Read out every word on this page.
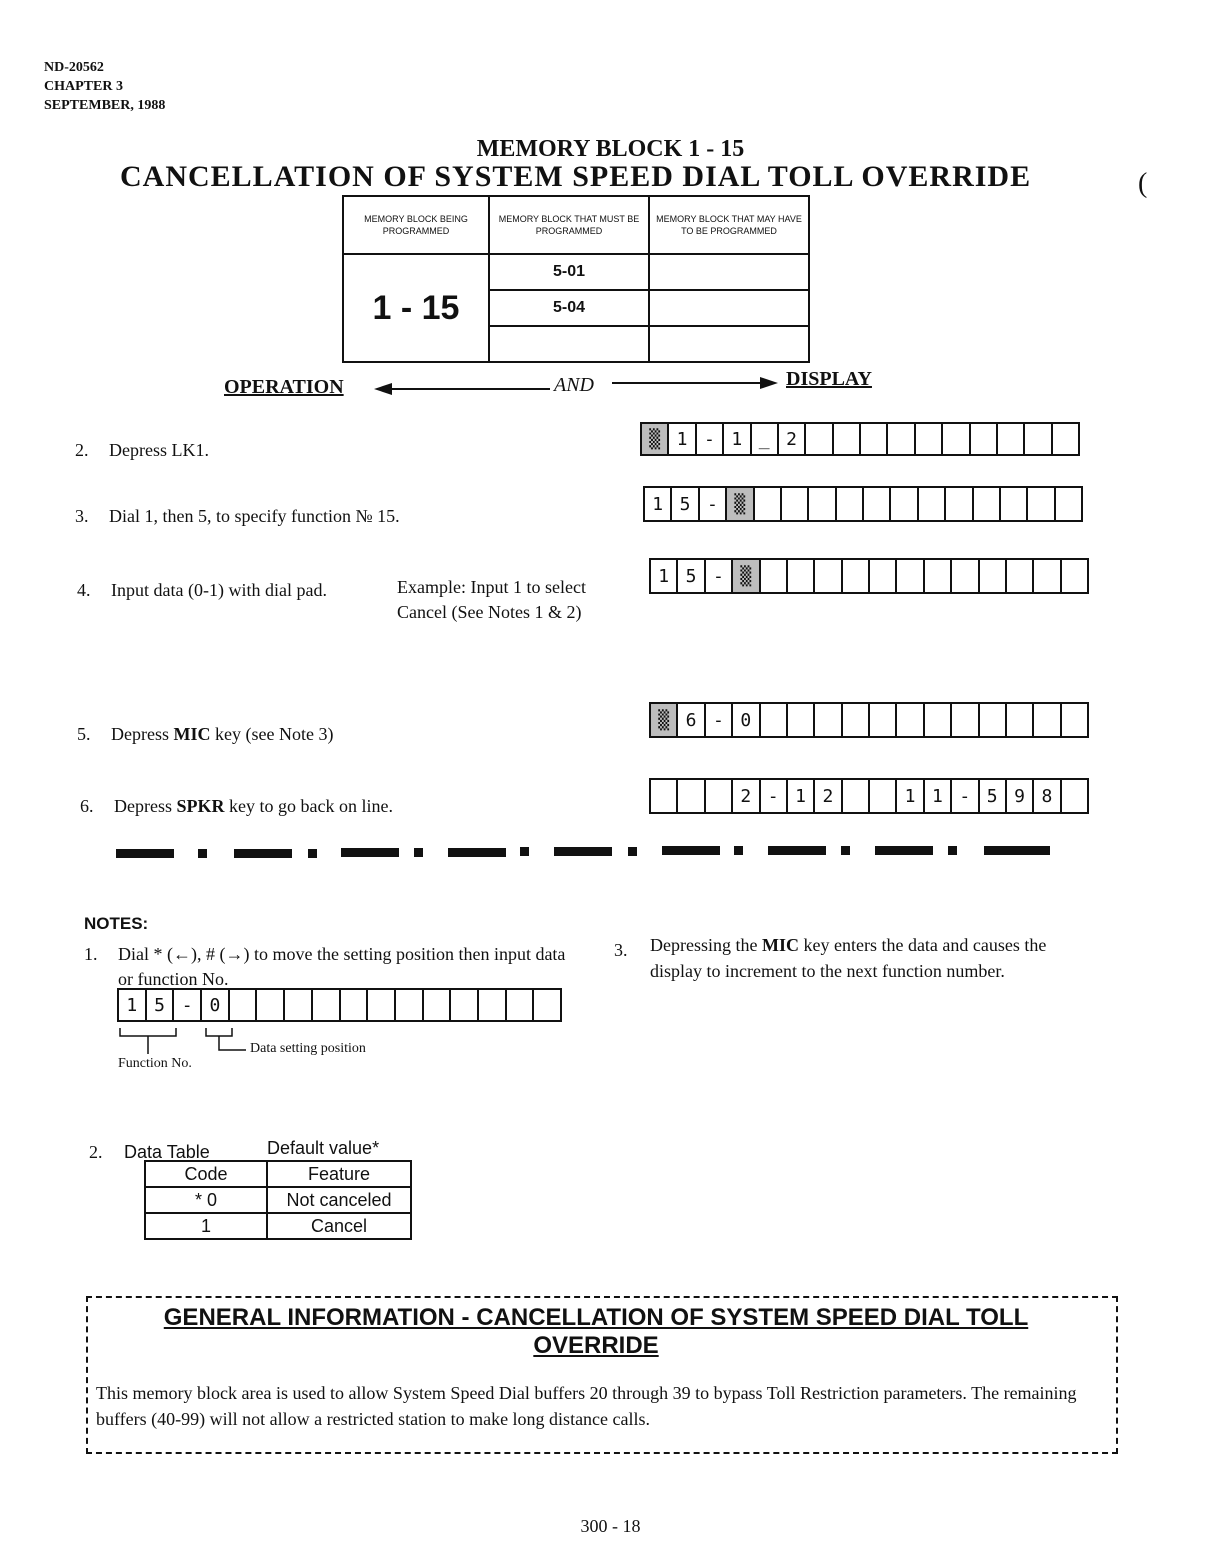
ND-20562
CHAPTER 3
SEPTEMBER, 1988
MEMORY BLOCK 1 - 15
CANCELLATION OF SYSTEM SPEED DIAL TOLL OVERRIDE	(
MEMORY BLOCK BEING PROGRAMMED	MEMORY BLOCK THAT MUST BE PROGRAMMED	MEMORY BLOCK THAT MAY HAVE TO BE PROGRAMMED
1 - 15	5-01	
	5-04	

OPERATION	AND	DISPLAY
2. Depress LK1.
3. Dial 1, then 5, to specify function № 15.
4. Input data (0-1) with dial pad.	Example: Input 1 to select Cancel (See Notes 1 & 2)
5. Depress MIC key (see Note 3)
6. Depress SPKR key to go back on line.
▒ 1 - 1 _ 2
1 5 - ▒
1 5 - ▒
▒ 6 - 0
2 - 1 2	1 1 - 5 9 8
1 5 - 0
NOTES:
1. Dial * (←), # (→) to move the setting position then input data or function No.
Data setting position
Function No.
3. Depressing the MIC key enters the data and causes the display to increment to the next function number.
2. Data Table	Default value*
Code	Feature
* 0	Not canceled
1	Cancel
GENERAL INFORMATION - CANCELLATION OF SYSTEM SPEED DIAL TOLL
OVERRIDE
This memory block area is used to allow System Speed Dial buffers 20 through 39 to bypass Toll Restriction parameters. The remaining buffers (40-99) will not allow a restricted station to make long distance calls.
300 - 18
